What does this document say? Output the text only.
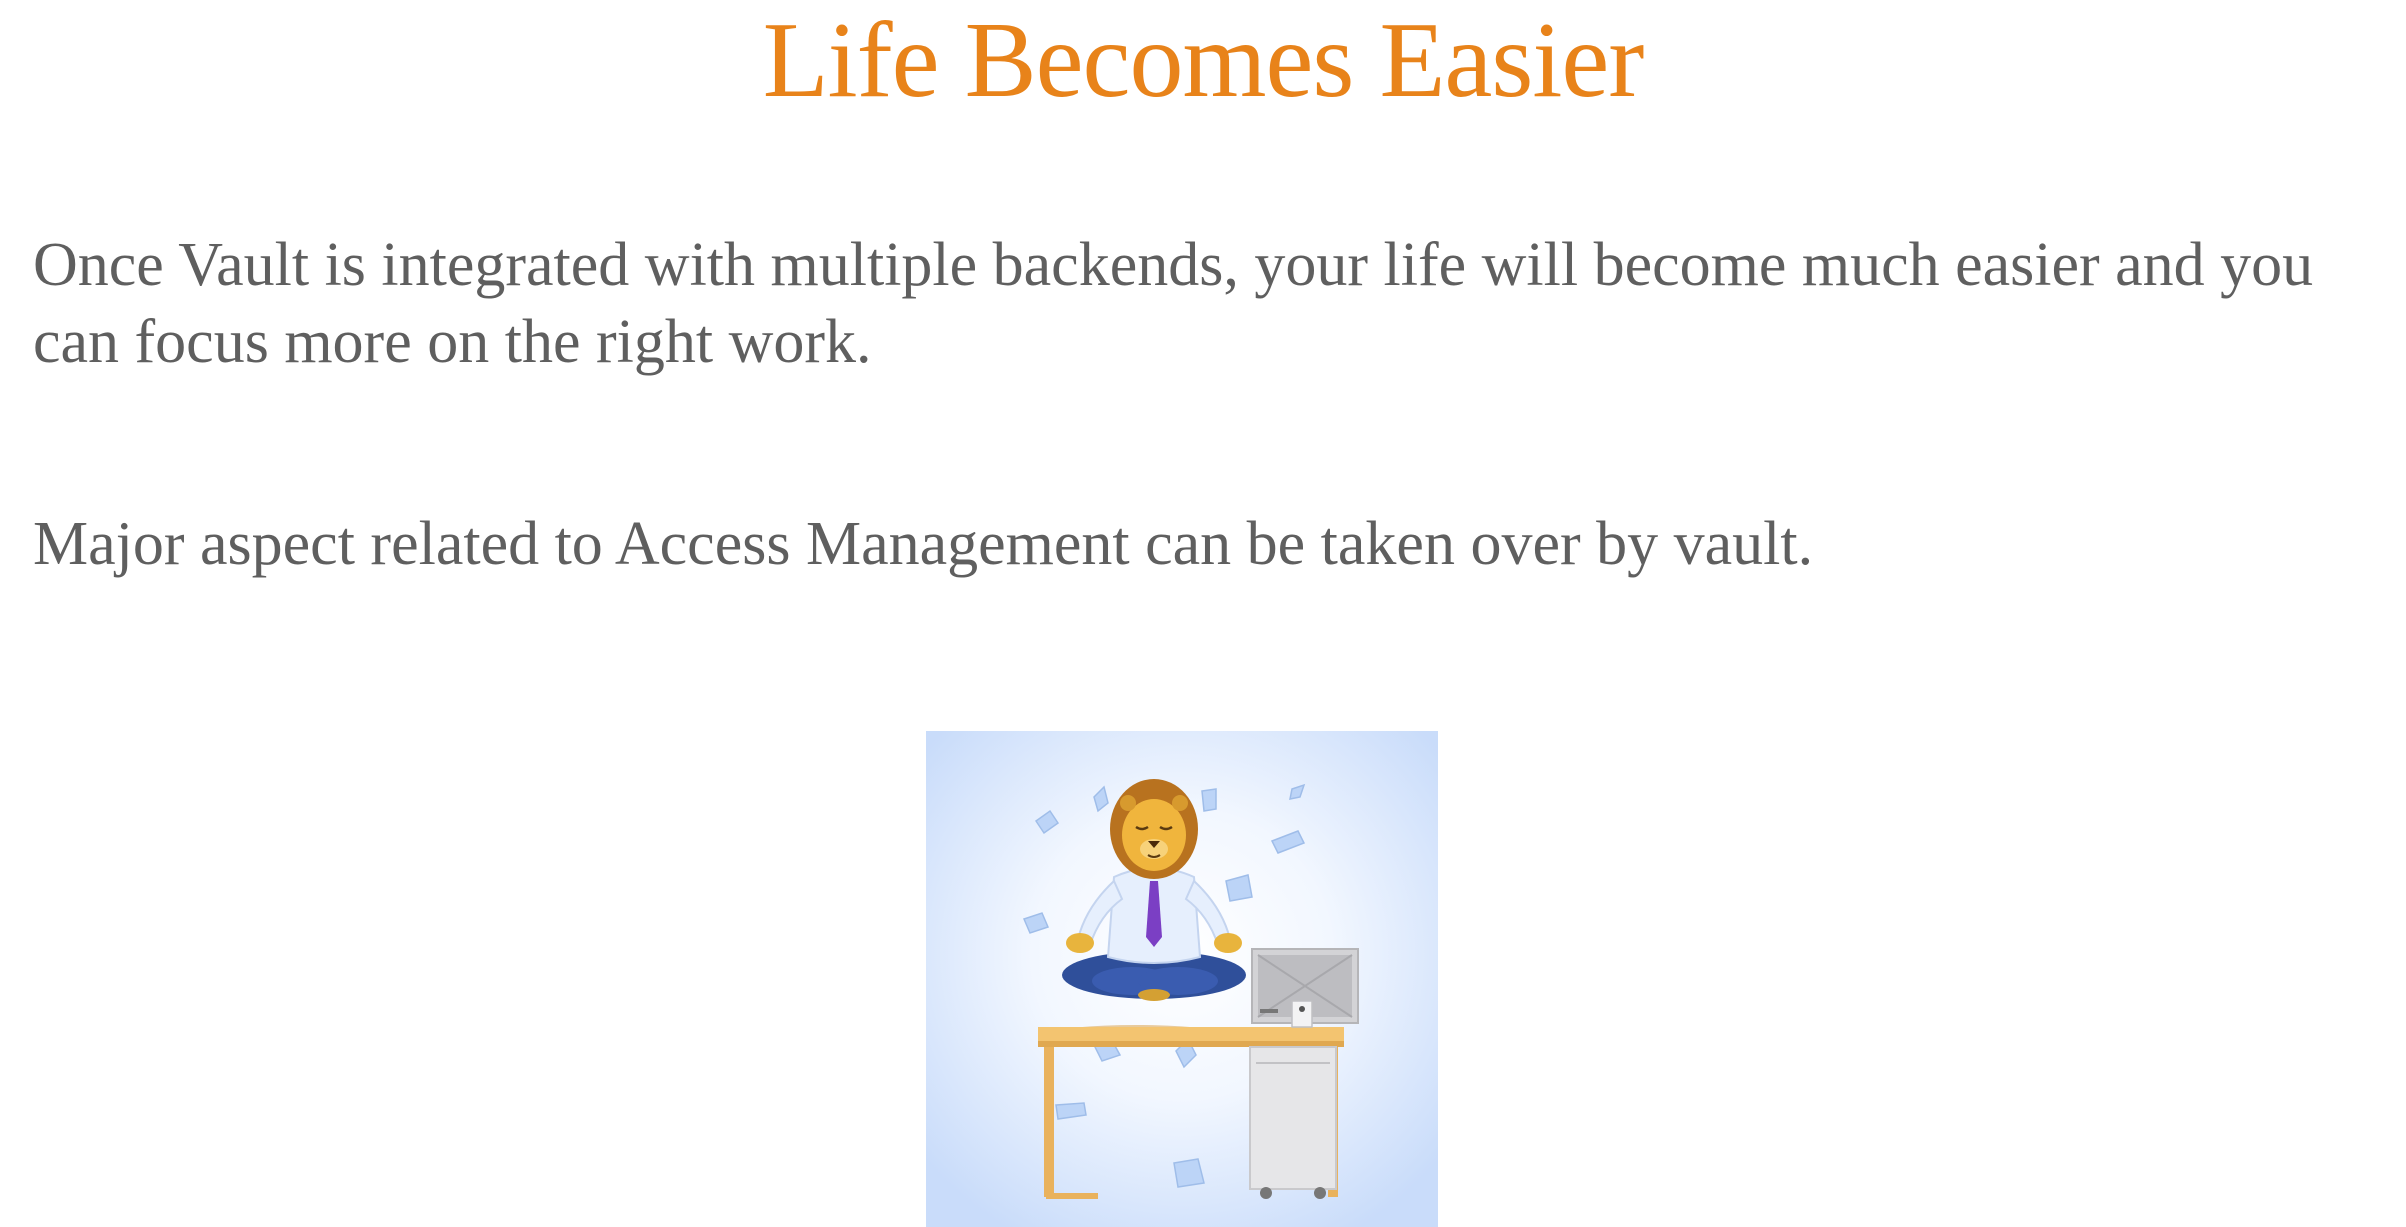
Life Becomes Easier

Once Vault is integrated with multiple backends, your life will become much easier and you can focus more on the right work.

Major aspect related to Access Management can be taken over by vault.
